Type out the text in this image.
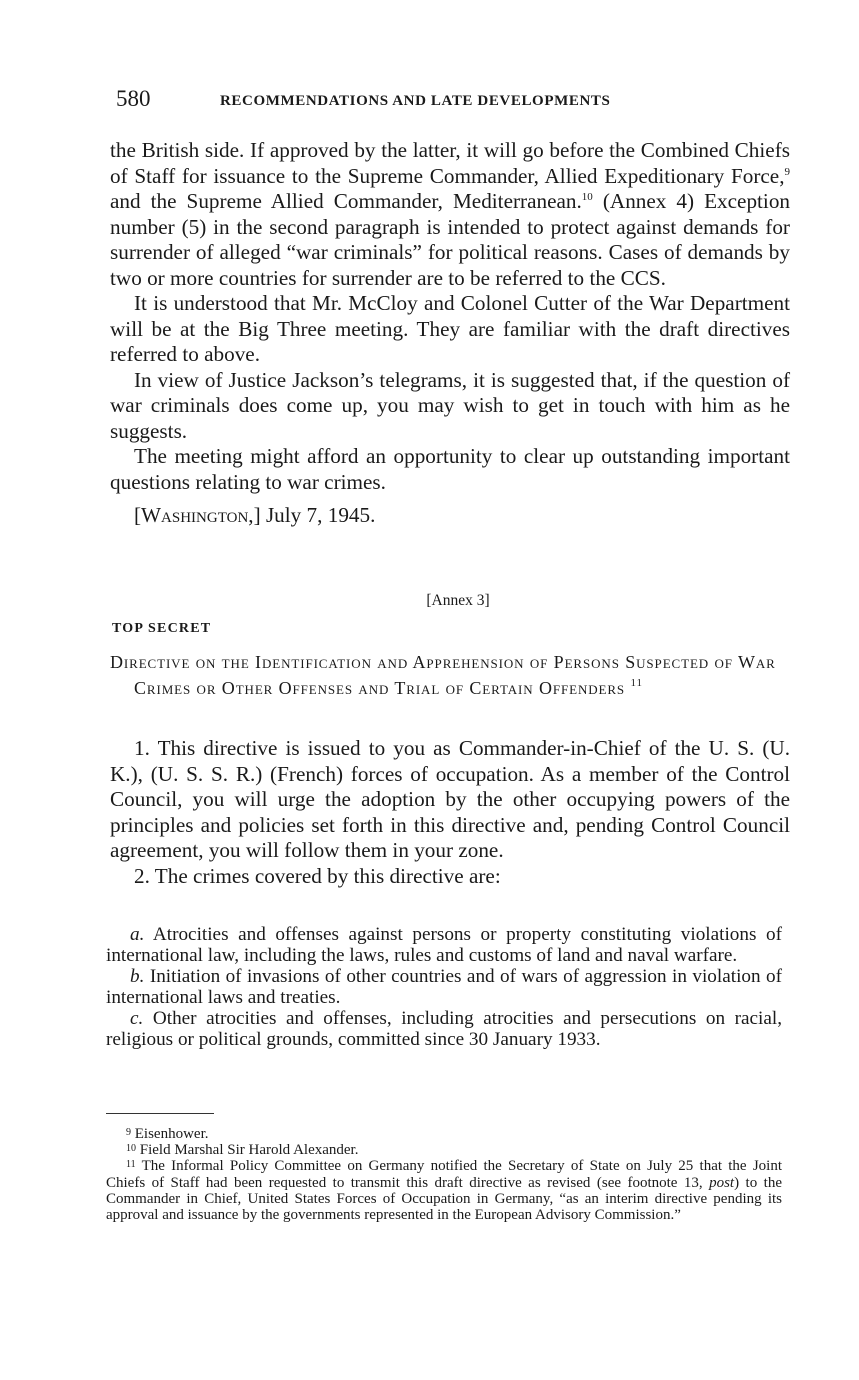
580	RECOMMENDATIONS AND LATE DEVELOPMENTS

the British side. If approved by the latter, it will go before the Combined Chiefs of Staff for issuance to the Supreme Commander, Allied Expeditionary Force,$^9$ and the Supreme Allied Commander, Mediterranean.$^{10}$ (Annex 4) Exception number (5) in the second paragraph is intended to protect against demands for surrender of alleged “war criminals” for political reasons. Cases of demands by two or more countries for surrender are to be referred to the CCS.

It is understood that Mr. McCloy and Colonel Cutter of the War Department will be at the Big Three meeting. They are familiar with the draft directives referred to above.

In view of Justice Jackson’s telegrams, it is suggested that, if the question of war criminals does come up, you may wish to get in touch with him as he suggests.

The meeting might afford an opportunity to clear up outstanding important questions relating to war crimes.

[Washington,] July 7, 1945.

[Annex 3]
TOP SECRET
Directive on the Identification and Apprehension of Persons Suspected of War Crimes or Other Offenses and Trial of Certain Offenders $^{11}$

1. This directive is issued to you as Commander-in-Chief of the U. S. (U. K.), (U. S. S. R.) (French) forces of occupation. As a member of the Control Council, you will urge the adoption by the other occupying powers of the principles and policies set forth in this directive and, pending Control Council agreement, you will follow them in your zone.

2. The crimes covered by this directive are:

a. Atrocities and offenses against persons or property constituting violations of international law, including the laws, rules and customs of land and naval warfare.

b. Initiation of invasions of other countries and of wars of aggression in violation of international laws and treaties.

c. Other atrocities and offenses, including atrocities and persecutions on racial, religious or political grounds, committed since 30 January 1933.

$^9$ Eisenhower.

$^{10}$ Field Marshal Sir Harold Alexander.

$^{11}$ The Informal Policy Committee on Germany notified the Secretary of State on July 25 that the Joint Chiefs of Staff had been requested to transmit this draft directive as revised (see footnote 13, post) to the Commander in Chief, United States Forces of Occupation in Germany, “as an interim directive pending its approval and issuance by the governments represented in the European Advisory Commission.”
